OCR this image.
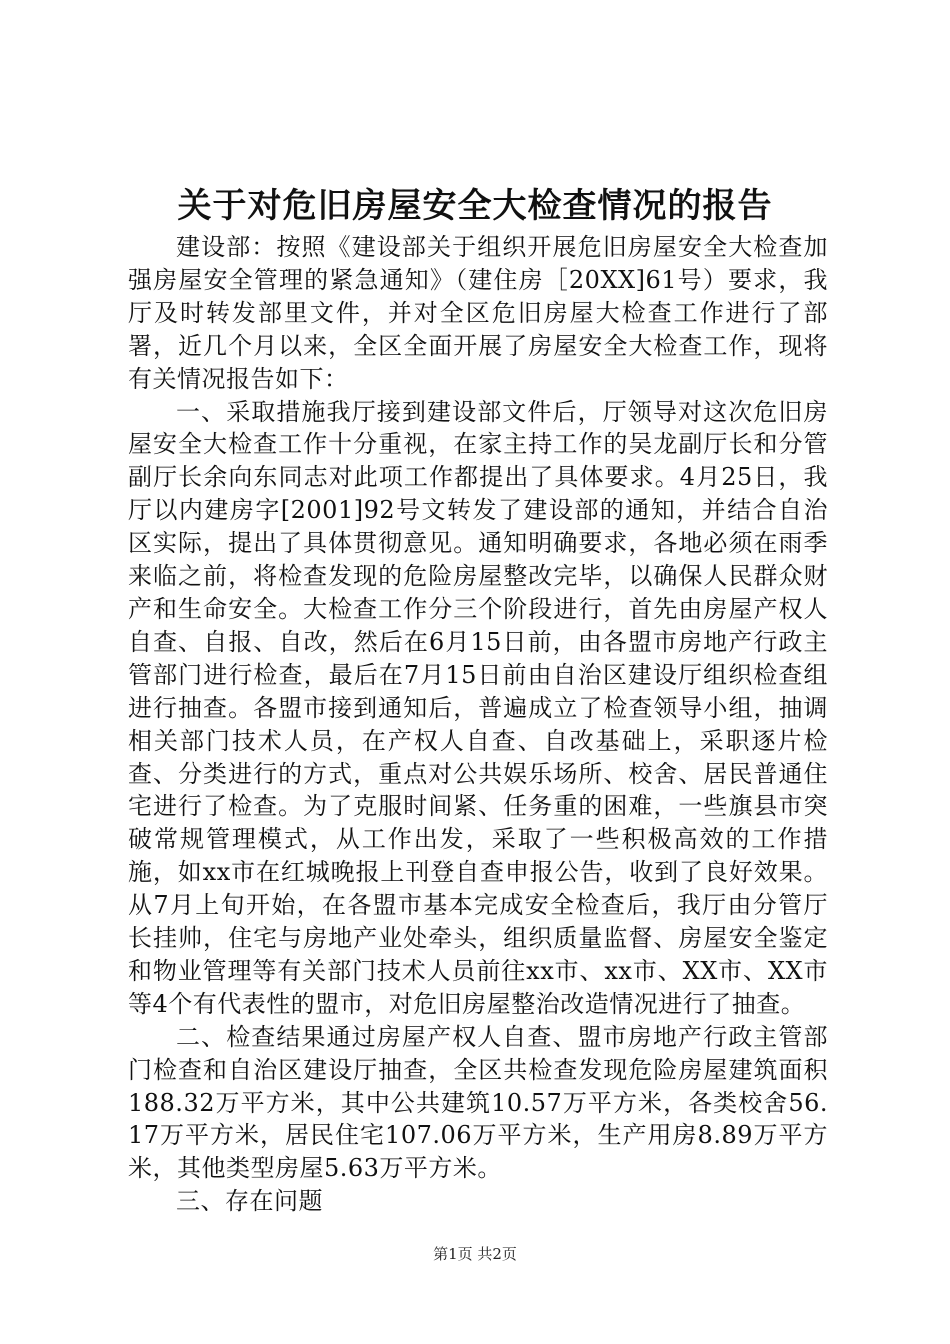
关于对危旧房屋安全大检查情况的报告

建设部：按照《建设部关于组织开展危旧房屋安全大检查加强房屋安全管理的紧急通知》（建住房［20XX]61号）要求，我厅及时转发部里文件，并对全区危旧房屋大检查工作进行了部署，近几个月以来，全区全面开展了房屋安全大检查工作，现将有关情况报告如下：

一、采取措施我厅接到建设部文件后，厅领导对这次危旧房屋安全大检查工作十分重视，在家主持工作的吴龙副厅长和分管副厅长余向东同志对此项工作都提出了具体要求。4月25日，我厅以内建房字[2001]92号文转发了建设部的通知，并结合自治区实际，提出了具体贯彻意见。通知明确要求，各地必须在雨季来临之前，将检查发现的危险房屋整改完毕，以确保人民群众财产和生命安全。大检查工作分三个阶段进行，首先由房屋产权人自查、自报、自改，然后在6月15日前，由各盟市房地产行政主管部门进行检查，最后在7月15日前由自治区建设厅组织检查组进行抽查。各盟市接到通知后，普遍成立了检查领导小组，抽调相关部门技术人员，在产权人自查、自改基础上，采职逐片检查、分类进行的方式，重点对公共娱乐场所、校舍、居民普通住宅进行了检查。为了克服时间紧、任务重的困难，一些旗县市突破常规管理模式，从工作出发，采取了一些积极高效的工作措施，如xx市在红城晚报上刊登自查申报公告，收到了良好效果。从7月上旬开始，在各盟市基本完成安全检查后，我厅由分管厅长挂帅，住宅与房地产业处牵头，组织质量监督、房屋安全鉴定和物业管理等有关部门技术人员前往xx市、xx市、XX市、XX市等4个有代表性的盟市，对危旧房屋整治改造情况进行了抽查。

二、检查结果通过房屋产权人自查、盟市房地产行政主管部门检查和自治区建设厅抽查，全区共检查发现危险房屋建筑面积188.32万平方米，其中公共建筑10.57万平方米，各类校舍56.17万平方米，居民住宅107.06万平方米，生产用房8.89万平方米，其他类型房屋5.63万平方米。

三、存在问题

第1页 共2页
